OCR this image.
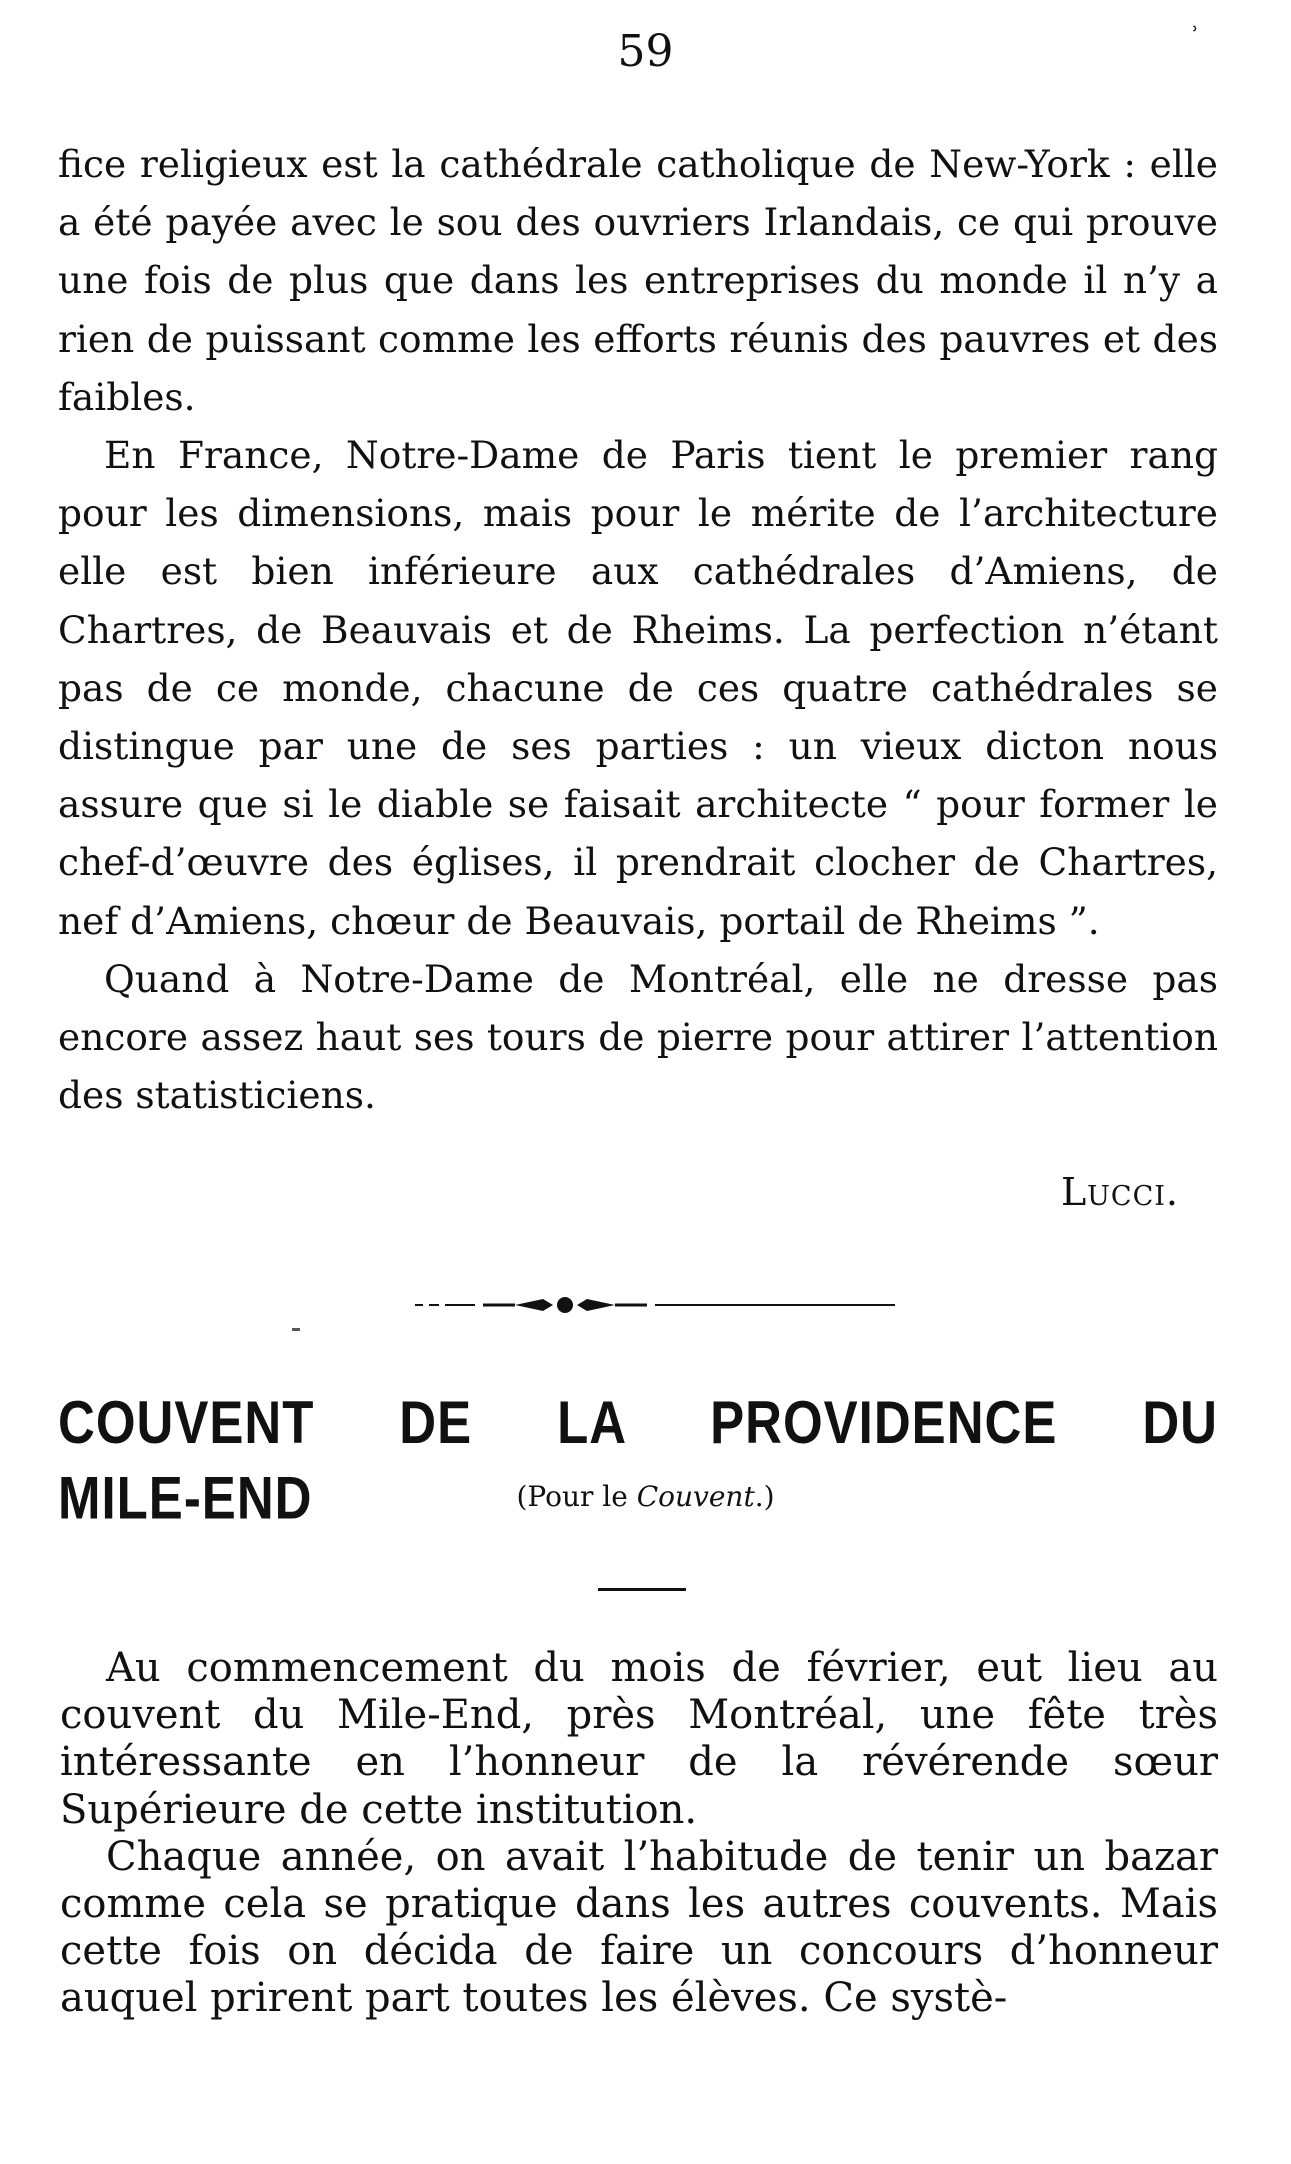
59	˒

fice religieux est la cathédrale catholique de New-York : elle a été payée avec le sou des ouvriers Irlandais, ce qui prouve une fois de plus que dans les entreprises du monde il n’y a rien de puissant comme les efforts réunis des pauvres et des faibles.

En France, Notre-Dame de Paris tient le premier rang pour les dimensions, mais pour le mérite de l’architecture elle est bien inférieure aux cathédrales d’Amiens, de Chartres, de Beauvais et de Rheims. La perfection n’étant pas de ce monde, chacune de ces quatre cathédrales se distingue par une de ses parties : un vieux dicton nous assure que si le diable se faisait architecte “ pour former le chef-d’œuvre des églises, il prendrait clocher de Chartres, nef d’Amiens, chœur de Beauvais, portail de Rheims ”.

Quand à Notre-Dame de Montréal, elle ne dresse pas encore assez haut ses tours de pierre pour attirer l’attention des statisticiens.

Lucci.
COUVENT DE LA PROVIDENCE DU MILE-END	(Pour le Couvent.)

Au commencement du mois de février, eut lieu au couvent du Mile-End, près Montréal, une fête très intéressante en l’honneur de la révérende sœur Supérieure de cette institution.

Chaque année, on avait l’habitude de tenir un bazar comme cela se pratique dans les autres couvents. Mais cette fois on décida de faire un concours d’honneur auquel prirent part toutes les élèves. Ce systè-
